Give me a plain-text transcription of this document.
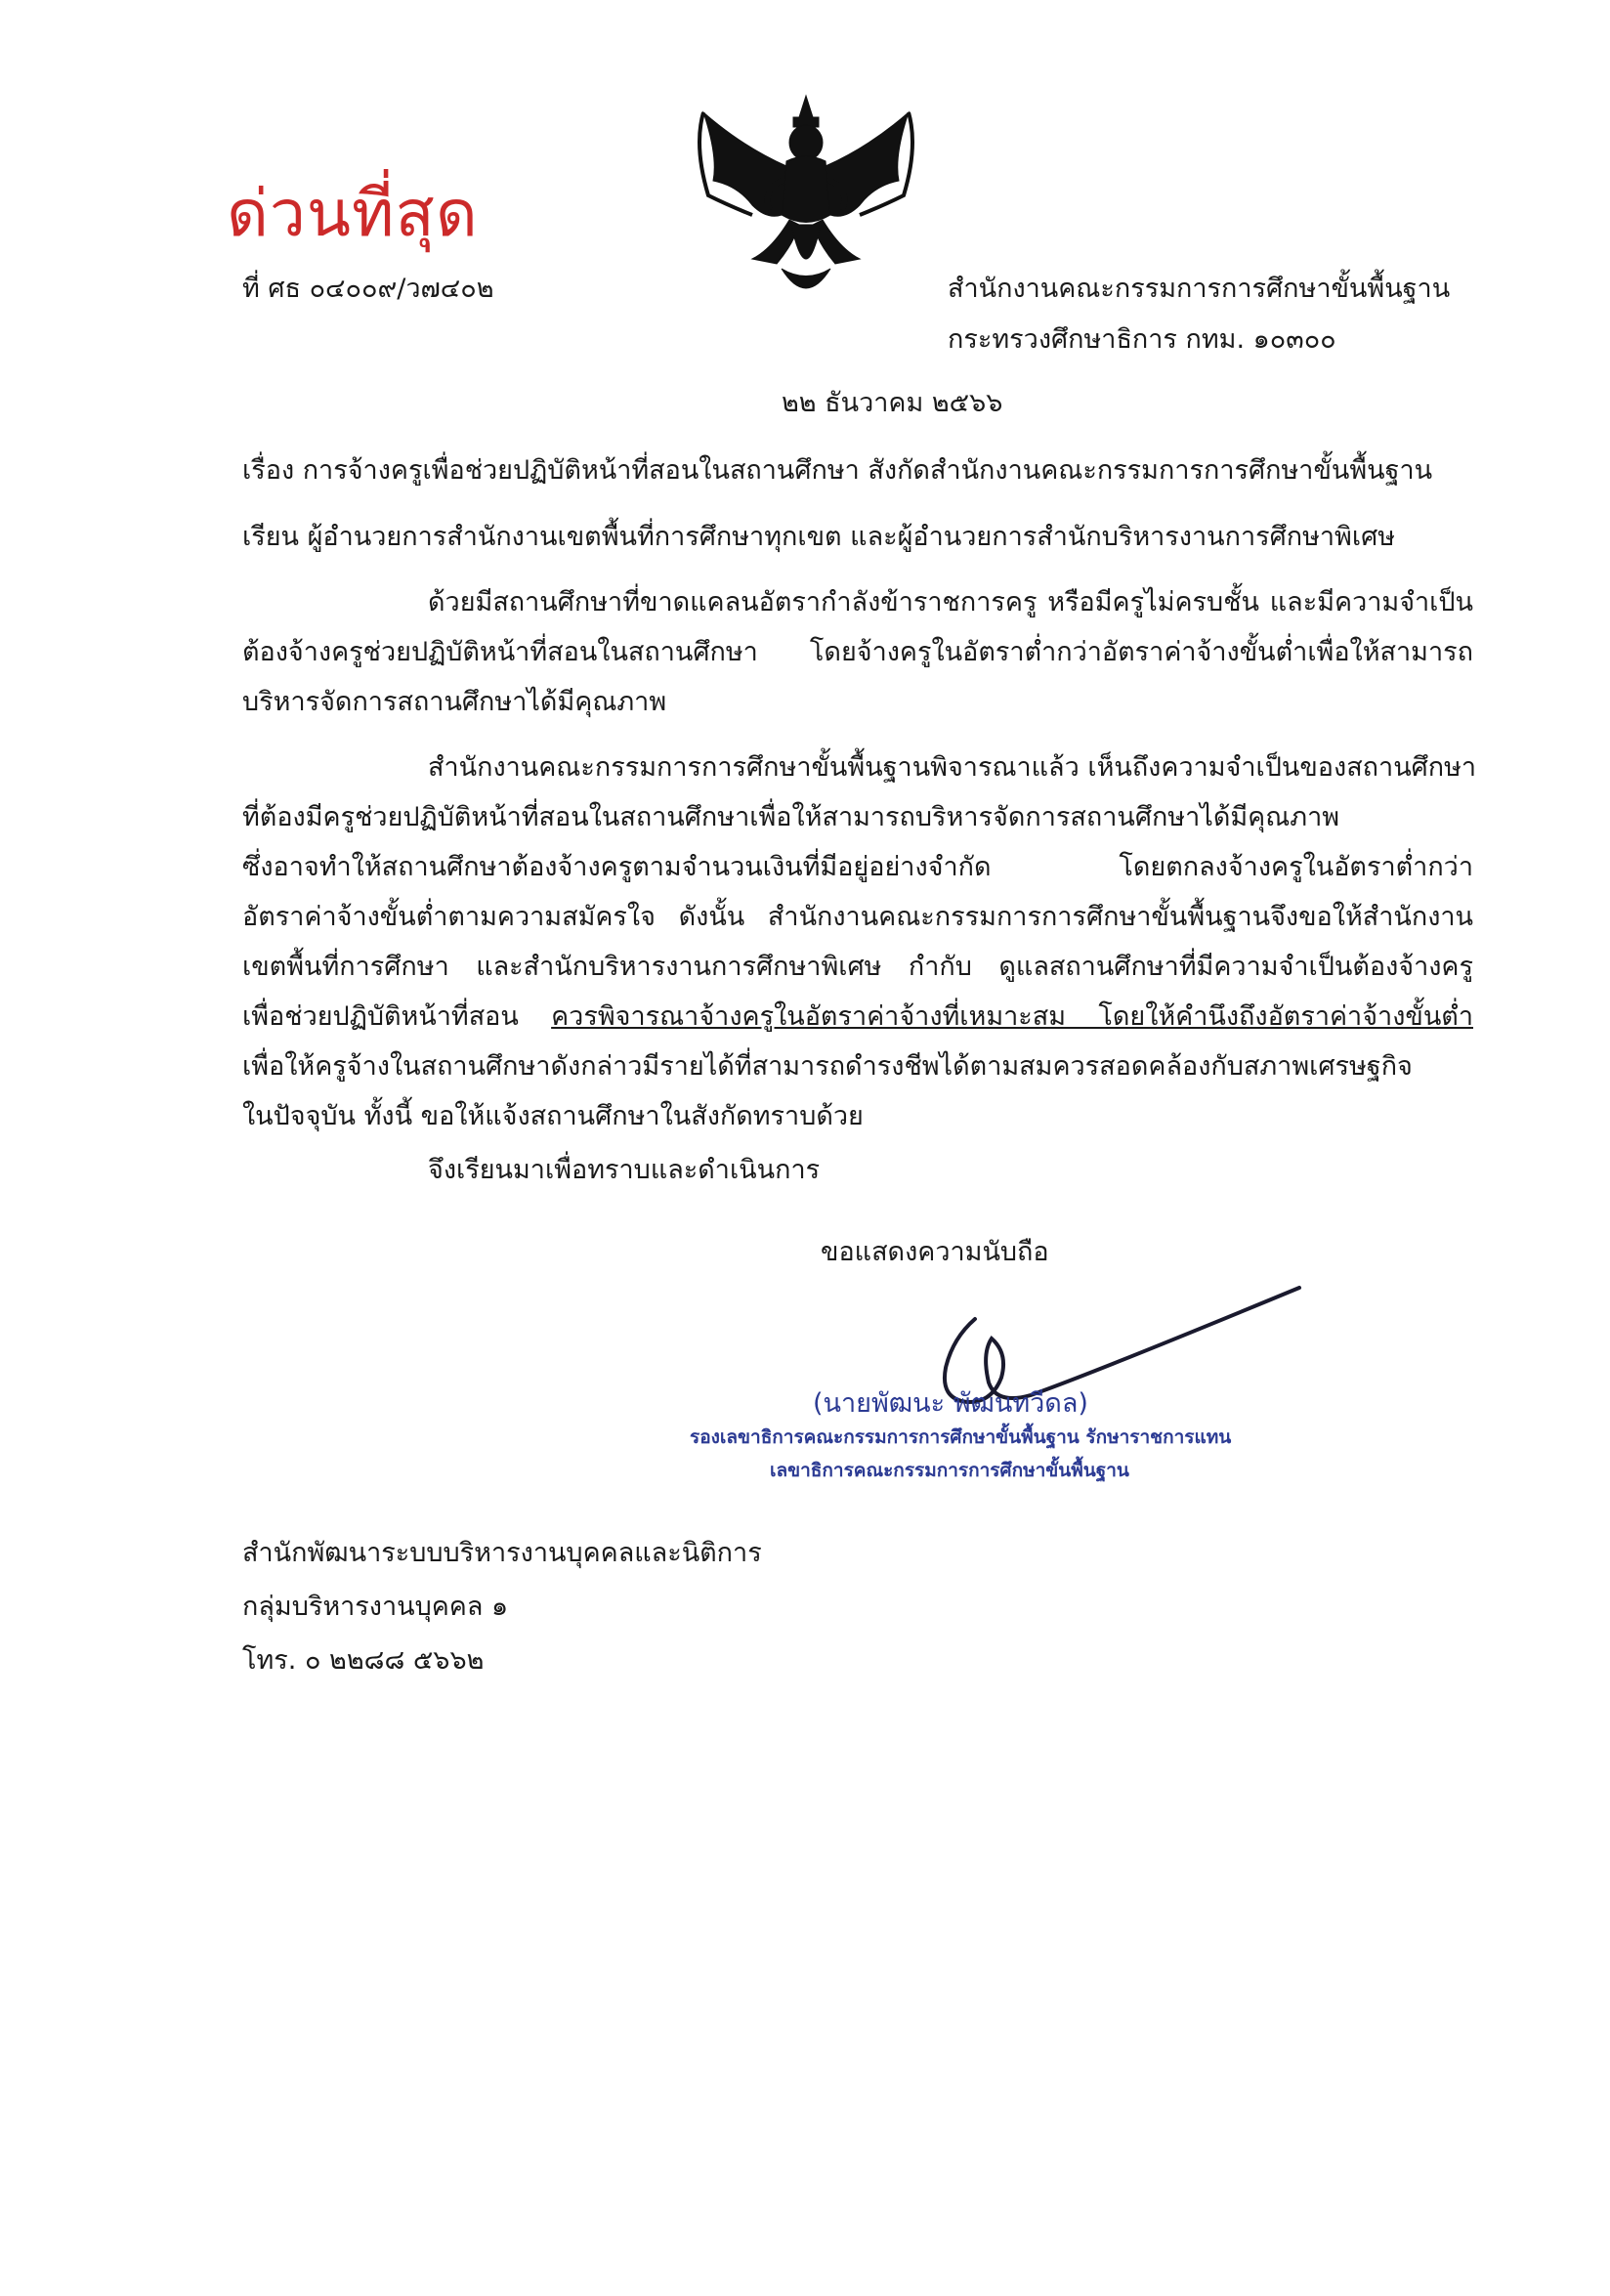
ด่วนที่สุด
ที่ ศธ ๐๔๐๐๙/ว๗๔๐๒	สำนักงานคณะกรรมการการศึกษาขั้นพื้นฐาน
กระทรวงศึกษาธิการ กทม. ๑๐๓๐๐
๒๒ ธันวาคม ๒๕๖๖
เรื่อง การจ้างครูเพื่อช่วยปฏิบัติหน้าที่สอนในสถานศึกษา สังกัดสำนักงานคณะกรรมการการศึกษาขั้นพื้นฐาน
เรียน ผู้อำนวยการสำนักงานเขตพื้นที่การศึกษาทุกเขต และผู้อำนวยการสำนักบริหารงานการศึกษาพิเศษ
ด้วยมีสถานศึกษาที่ขาดแคลนอัตรากำลังข้าราชการครู หรือมีครูไม่ครบชั้น และมีความจำเป็น
ต้องจ้างครูช่วยปฏิบัติหน้าที่สอนในสถานศึกษา โดยจ้างครูในอัตราต่ำกว่าอัตราค่าจ้างขั้นต่ำเพื่อให้สามารถ
บริหารจัดการสถานศึกษาได้มีคุณภาพ
สำนักงานคณะกรรมการการศึกษาขั้นพื้นฐานพิจารณาแล้ว เห็นถึงความจำเป็นของสถานศึกษา
ที่ต้องมีครูช่วยปฏิบัติหน้าที่สอนในสถานศึกษาเพื่อให้สามารถบริหารจัดการสถานศึกษาได้มีคุณภาพ
ซึ่งอาจทำให้สถานศึกษาต้องจ้างครูตามจำนวนเงินที่มีอยู่อย่างจำกัด โดยตกลงจ้างครูในอัตราต่ำกว่า
อัตราค่าจ้างขั้นต่ำตามความสมัครใจ ดังนั้น สำนักงานคณะกรรมการการศึกษาขั้นพื้นฐานจึงขอให้สำนักงาน
เขตพื้นที่การศึกษา และสำนักบริหารงานการศึกษาพิเศษ กำกับ ดูแลสถานศึกษาที่มีความจำเป็นต้องจ้างครู
เพื่อช่วยปฏิบัติหน้าที่สอน ควรพิจารณาจ้างครูในอัตราค่าจ้างที่เหมาะสม โดยให้คำนึงถึงอัตราค่าจ้างขั้นต่ำ
เพื่อให้ครูจ้างในสถานศึกษาดังกล่าวมีรายได้ที่สามารถดำรงชีพได้ตามสมควรสอดคล้องกับสภาพเศรษฐกิจ
ในปัจจุบัน ทั้งนี้ ขอให้แจ้งสถานศึกษาในสังกัดทราบด้วย
จึงเรียนมาเพื่อทราบและดำเนินการ
ขอแสดงความนับถือ
(นายพัฒนะ พัฒนทวีดล)
รองเลขาธิการคณะกรรมการการศึกษาขั้นพื้นฐาน รักษาราชการแทน
เลขาธิการคณะกรรมการการศึกษาขั้นพื้นฐาน
สำนักพัฒนาระบบบริหารงานบุคคลและนิติการ
กลุ่มบริหารงานบุคคล ๑
โทร. ๐ ๒๒๘๘ ๕๖๖๒
